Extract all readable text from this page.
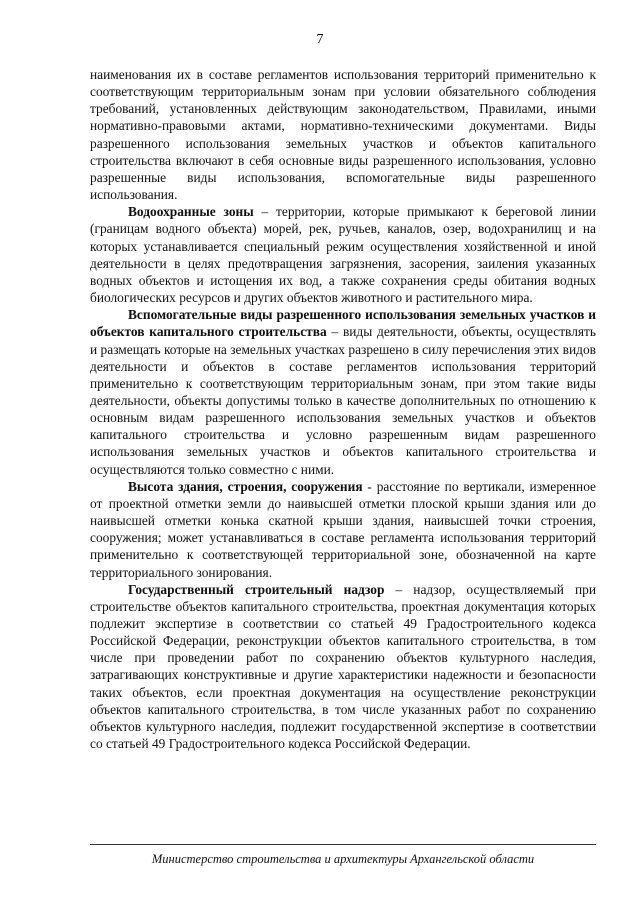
7

наименования их в составе регламентов использования территорий применительно к соответствующим территориальным зонам при условии обязательного соблюдения требований, установленных действующим законодательством, Правилами, иными нормативно-правовыми актами, нормативно-техническими документами. Виды разрешенного использования земельных участков и объектов капитального строительства включают в себя основные виды разрешенного использования, условно разрешенные виды использования, вспомогательные виды разрешенного использования.

Водоохранные зоны – территории, которые примыкают к береговой линии (границам водного объекта) морей, рек, ручьев, каналов, озер, водохранилищ и на которых устанавливается специальный режим осуществления хозяйственной и иной деятельности в целях предотвращения загрязнения, засорения, заиления указанных водных объектов и истощения их вод, а также сохранения среды обитания водных биологических ресурсов и других объектов животного и растительного мира.

Вспомогательные виды разрешенного использования земельных участков и объектов капитального строительства – виды деятельности, объекты, осуществлять и размещать которые на земельных участках разрешено в силу перечисления этих видов деятельности и объектов в составе регламентов использования территорий применительно к соответствующим территориальным зонам, при этом такие виды деятельности, объекты допустимы только в качестве дополнительных по отношению к основным видам разрешенного использования земельных участков и объектов капитального строительства и условно разрешенным видам разрешенного использования земельных участков и объектов капитального строительства и осуществляются только совместно с ними.

Высота здания, строения, сооружения - расстояние по вертикали, измеренное от проектной отметки земли до наивысшей отметки плоской крыши здания или до наивысшей отметки конька скатной крыши здания, наивысшей точки строения, сооружения; может устанавливаться в составе регламента использования территорий применительно к соответствующей территориальной зоне, обозначенной на карте территориального зонирования.

Государственный строительный надзор – надзор, осуществляемый при строительстве объектов капитального строительства, проектная документация которых подлежит экспертизе в соответствии со статьей 49 Градостроительного кодекса Российской Федерации, реконструкции объектов капитального строительства, в том числе при проведении работ по сохранению объектов культурного наследия, затрагивающих конструктивные и другие характеристики надежности и безопасности таких объектов, если проектная документация на осуществление реконструкции объектов капитального строительства, в том числе указанных работ по сохранению объектов культурного наследия, подлежит государственной экспертизе в соответствии со статьей 49 Градостроительного кодекса Российской Федерации.

Министерство строительства и архитектуры Архангельской области
